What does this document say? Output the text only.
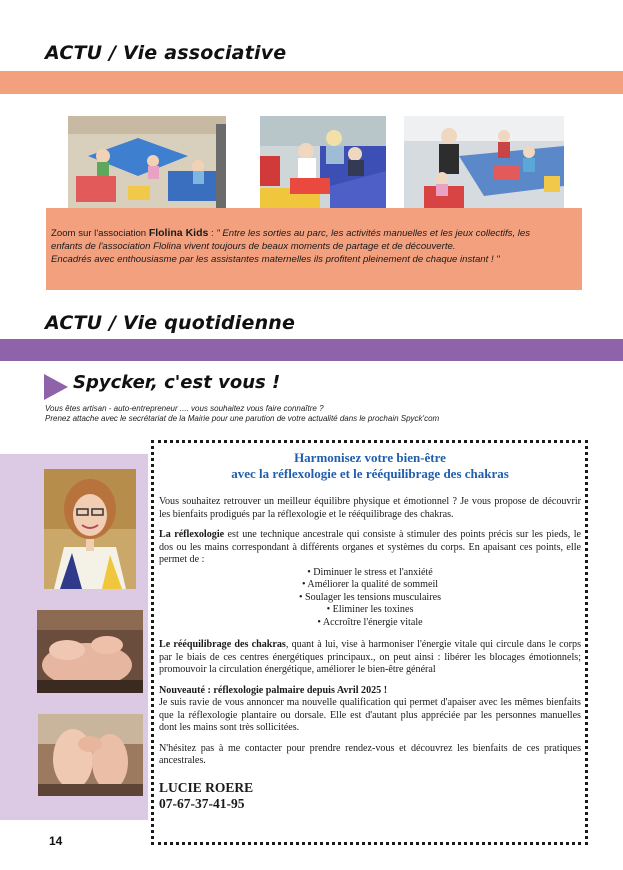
ACTU / Vie associative
Zoom sur l'association Flolina Kids : " Entre les sorties au parc, les activités manuelles et les jeux collectifs, les
enfants de l'association Flolina vivent toujours de beaux moments de partage et de découverte.
Encadrés avec enthousiasme par les assistantes maternelles ils profitent pleinement de chaque instant ! "
ACTU / Vie quotidienne
Spycker, c'est vous !
Vous êtes artisan - auto-entrepreneur .... vous souhaitez vous faire connaître ?
Prenez attache avec le secrétariat de la Mairie pour une parution de votre actualité dans le prochain Spyck'com
14
Harmonisez votre bien-être
avec la réflexologie et le rééquilibrage des chakras
Vous souhaitez retrouver un meilleur équilibre physique et émotionnel ? Je vous propose de découvrir les bienfaits prodigués par la réflexologie et le rééquilibrage des chakras.
La réflexologie est une technique ancestrale qui consiste à stimuler des points précis sur les pieds, le dos ou les mains correspondant à différents organes et systèmes du corps. En apaisant ces points, elle permet de :
• Diminuer le stress et l'anxiété
• Améliorer la qualité de sommeil
• Soulager les tensions musculaires
• Eliminer les toxines
• Accroître l'énergie vitale
Le rééquilibrage des chakras, quant à lui, vise à harmoniser l'énergie vitale qui circule dans le corps par le biais de ces centres énergétiques principaux., on peut ainsi : libérer les blocages émotionnels; promouvoir la circulation énergétique, améliorer le bien-être général
Nouveauté : réflexologie palmaire depuis Avril 2025 !
Je suis ravie de vous annoncer ma nouvelle qualification qui permet d'apaiser avec les mêmes bienfaits que la réflexologie plantaire ou dorsale. Elle est d'autant plus appréciée par les personnes manuelles dont les mains sont très sollicitées.
N'hésitez pas à me contacter pour prendre rendez-vous et découvrez les bienfaits de ces pratiques ancestrales.
LUCIE ROERE
07-67-37-41-95
